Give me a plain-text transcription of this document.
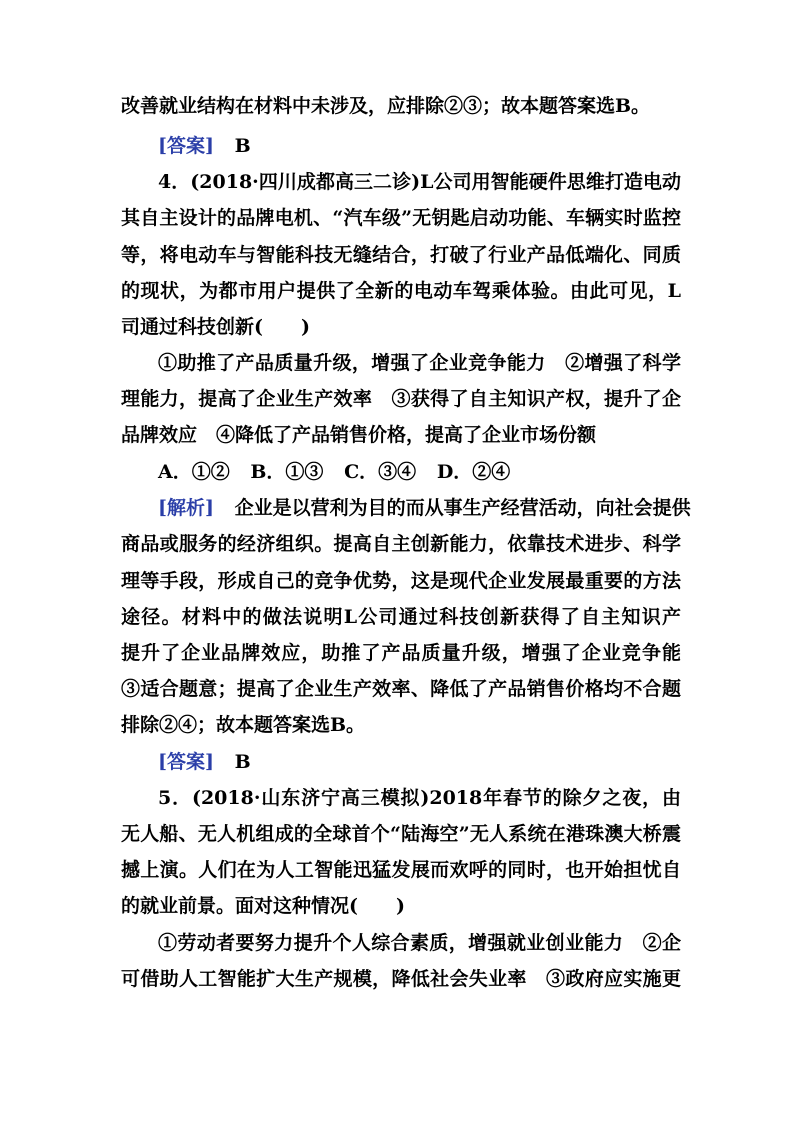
改善就业结构在材料中未涉及，应排除②③；故本题答案选B。
[答案] B
4．(2018·四川成都高三二诊)L公司用智能硬件思维打造电动
其自主设计的品牌电机、“汽车级”无钥匙启动功能、车辆实时监控
等，将电动车与智能科技无缝结合，打破了行业产品低端化、同质
的现状，为都市用户提供了全新的电动车驾乘体验。由此可见，L
司通过科技创新(　　)
①助推了产品质量升级，增强了企业竞争能力　②增强了科学
理能力，提高了企业生产效率　③获得了自主知识产权，提升了企
品牌效应　④降低了产品销售价格，提高了企业市场份额
A．①② B．①③ C．③④ D．②④
[解析] 企业是以营利为目的而从事生产经营活动，向社会提供
商品或服务的经济组织。提高自主创新能力，依靠技术进步、科学
理等手段，形成自己的竞争优势，这是现代企业发展最重要的方法
途径。材料中的做法说明L公司通过科技创新获得了自主知识产
提升了企业品牌效应，助推了产品质量升级，增强了企业竞争能
③适合题意；提高了企业生产效率、降低了产品销售价格均不合题
排除②④；故本题答案选B。
[答案] B
5．(2018·山东济宁高三模拟)2018年春节的除夕之夜，由
无人船、无人机组成的全球首个“陆海空”无人系统在港珠澳大桥震
撼上演。人们在为人工智能迅猛发展而欢呼的同时，也开始担忧自
的就业前景。面对这种情况(　　)
①劳动者要努力提升个人综合素质，增强就业创业能力　②企
可借助人工智能扩大生产规模，降低社会失业率　③政府应实施更
